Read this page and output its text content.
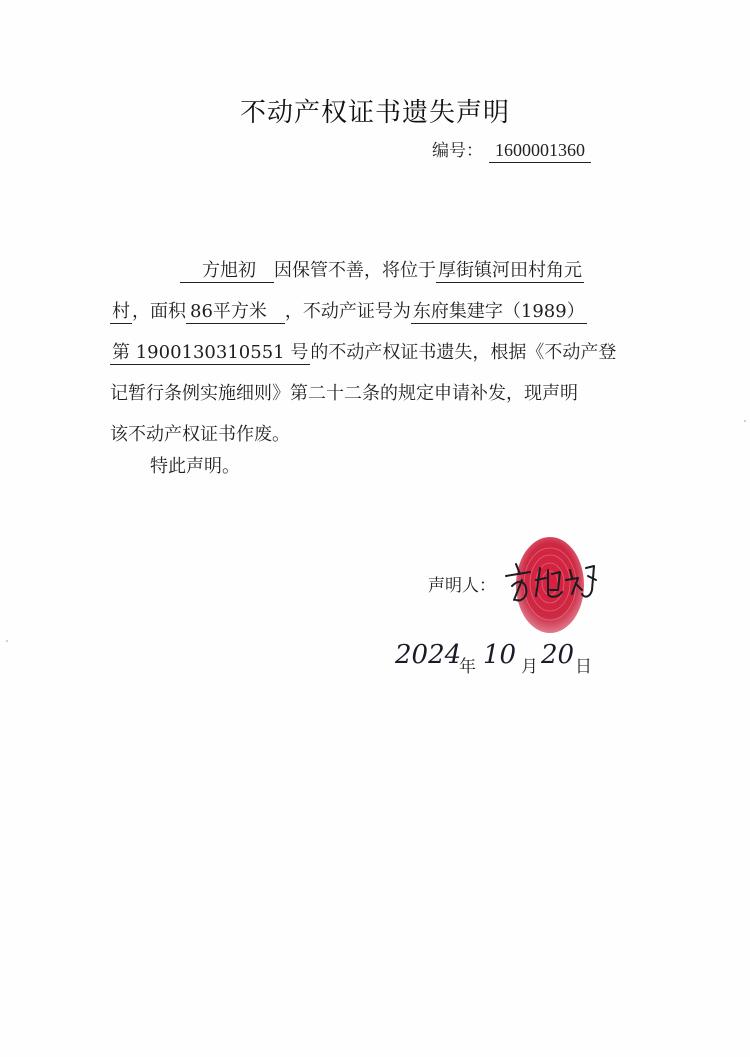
不动产权证书遗失声明
编号： 1600001360
方旭初 因保管不善，将位于 厚街镇河田村角元
村 ，面积 86平方米 ，不动产证号为 东府集建字（1989）
第 1900130310551 号 的不动产权证书遗失，根据《不动产登
记暂行条例实施细则》第二十二条的规定申请补发，现声明
该不动产权证书作废。
特此声明。
声明人：
2024
年 10 月 20 日
